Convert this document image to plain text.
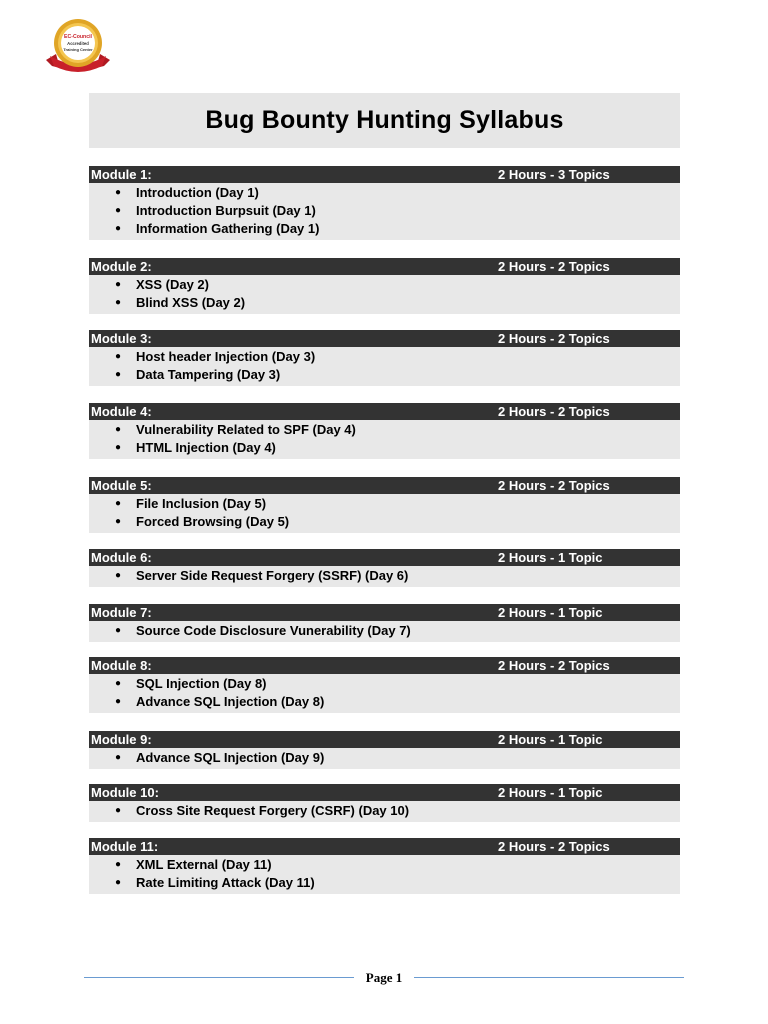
EC-Council
Accredited
Training Center
Bug Bounty Hunting Syllabus
Module 1:	2 Hours - 3 Topics
● Introduction (Day 1)
● Introduction Burpsuit (Day 1)
● Information Gathering (Day 1)
Module 2:	2 Hours - 2 Topics
● XSS (Day 2)
● Blind XSS (Day 2)
Module 3:	2 Hours - 2 Topics
● Host header Injection (Day 3)
● Data Tampering (Day 3)
Module 4:	2 Hours - 2 Topics
● Vulnerability Related to SPF (Day 4)
● HTML Injection (Day 4)
Module 5:	2 Hours - 2 Topics
● File Inclusion (Day 5)
● Forced Browsing (Day 5)
Module 6:	2 Hours - 1 Topic
● Server Side Request Forgery (SSRF) (Day 6)
Module 7:	2 Hours - 1 Topic
● Source Code Disclosure Vunerability (Day 7)
Module 8:	2 Hours - 2 Topics
● SQL Injection (Day 8)
● Advance SQL Injection (Day 8)
Module 9:	2 Hours - 1 Topic
● Advance SQL Injection (Day 9)
Module 10:	2 Hours - 1 Topic
● Cross Site Request Forgery (CSRF) (Day 10)
Module 11:	2 Hours - 2 Topics
● XML External (Day 11)
● Rate Limiting Attack (Day 11)
Page 1
